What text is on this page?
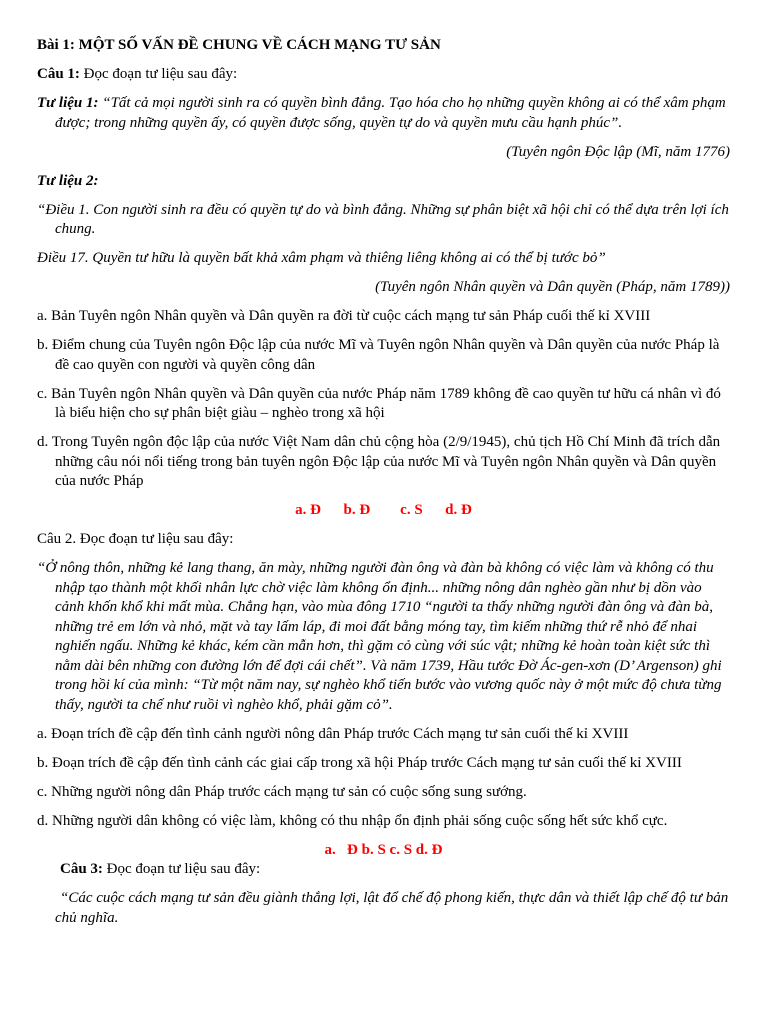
Bài 1: MỘT SỐ VẤN ĐỀ CHUNG VỀ CÁCH MẠNG TƯ SẢN

Câu 1: Đọc đoạn tư liệu sau đây:

Tư liệu 1: “Tất cả mọi người sinh ra có quyền bình đẳng. Tạo hóa cho họ những quyền không ai có thể xâm phạm được; trong những quyền ấy, có quyền được sống, quyền tự do và quyền mưu cầu hạnh phúc”.

(Tuyên ngôn Độc lập (Mĩ, năm 1776)

Tư liệu 2:

“Điều 1. Con người sinh ra đều có quyền tự do và bình đẳng. Những sự phân biệt xã hội chỉ có thể dựa trên lợi ích chung.

Điều 17. Quyền tư hữu là quyền bất khả xâm phạm và thiêng liêng không ai có thể bị tước bỏ”

(Tuyên ngôn Nhân quyền và Dân quyền (Pháp, năm 1789))

a. Bản Tuyên ngôn Nhân quyền và Dân quyền ra đời từ cuộc cách mạng tư sản Pháp cuối thế kỉ XVIII

b. Điểm chung của Tuyên ngôn Độc lập của nước Mĩ và Tuyên ngôn Nhân quyền và Dân quyền của nước Pháp là đề cao quyền con người và quyền công dân

c. Bản Tuyên ngôn Nhân quyền và Dân quyền của nước Pháp năm 1789 không đề cao quyền tư hữu cá nhân vì đó là biểu hiện cho sự phân biệt giàu – nghèo trong xã hội

d. Trong Tuyên ngôn độc lập của nước Việt Nam dân chủ cộng hòa (2/9/1945), chủ tịch Hồ Chí Minh đã trích dẫn những câu nói nổi tiếng trong bản tuyên ngôn Độc lập của nước Mĩ và Tuyên ngôn Nhân quyền và Dân quyền của nước Pháp

a. Đ      b. Đ        c. S      d. Đ

Câu 2. Đọc đoạn tư liệu sau đây:

“Ở nông thôn, những kẻ lang thang, ăn mày, những người đàn ông và đàn bà không có việc làm và không có thu nhập tạo thành một khối nhân lực chờ việc làm không ổn định... những nông dân nghèo gần như bị dồn vào cảnh khốn khổ khi mất mùa. Chẳng hạn, vào mùa đông 1710 “người ta thấy những người đàn ông và đàn bà, những trẻ em lớn và nhỏ, mặt và tay lấm láp, đi moi đất bằng móng tay, tìm kiếm những thứ rễ nhỏ để nhai nghiến ngấu. Những kẻ khác, kém cần mẫn hơn, thì gặm cỏ cùng với súc vật; những kẻ hoàn toàn kiệt sức thì nằm dài bên những con đường lớn để đợi cái chết”. Và năm 1739, Hầu tước Đờ Ác-gen-xơn (D’ Argenson) ghi trong hồi kí của mình: “Từ một năm nay, sự nghèo khổ tiến bước vào vương quốc này ở một mức độ chưa từng thấy, người ta chế như ruồi vì nghèo khổ, phải gặm cỏ”.

a. Đoạn trích đề cập đến tình cảnh người nông dân Pháp trước Cách mạng tư sản cuối thế kỉ XVIII

b. Đoạn trích đề cập đến tình cảnh các giai cấp trong xã hội Pháp trước Cách mạng tư sản cuối thế kỉ XVIII

c. Những người nông dân Pháp trước cách mạng tư sản có cuộc sống sung sướng.

d. Những người dân không có việc làm, không có thu nhập ổn định phải sống cuộc sống hết sức khổ cực.

a.   Đ b. S c. S d. Đ

Câu 3: Đọc đoạn tư liệu sau đây:

“Các cuộc cách mạng tư sản đều giành thắng lợi, lật đổ chế độ phong kiến, thực dân và thiết lập chế độ tư bản chủ nghĩa.
